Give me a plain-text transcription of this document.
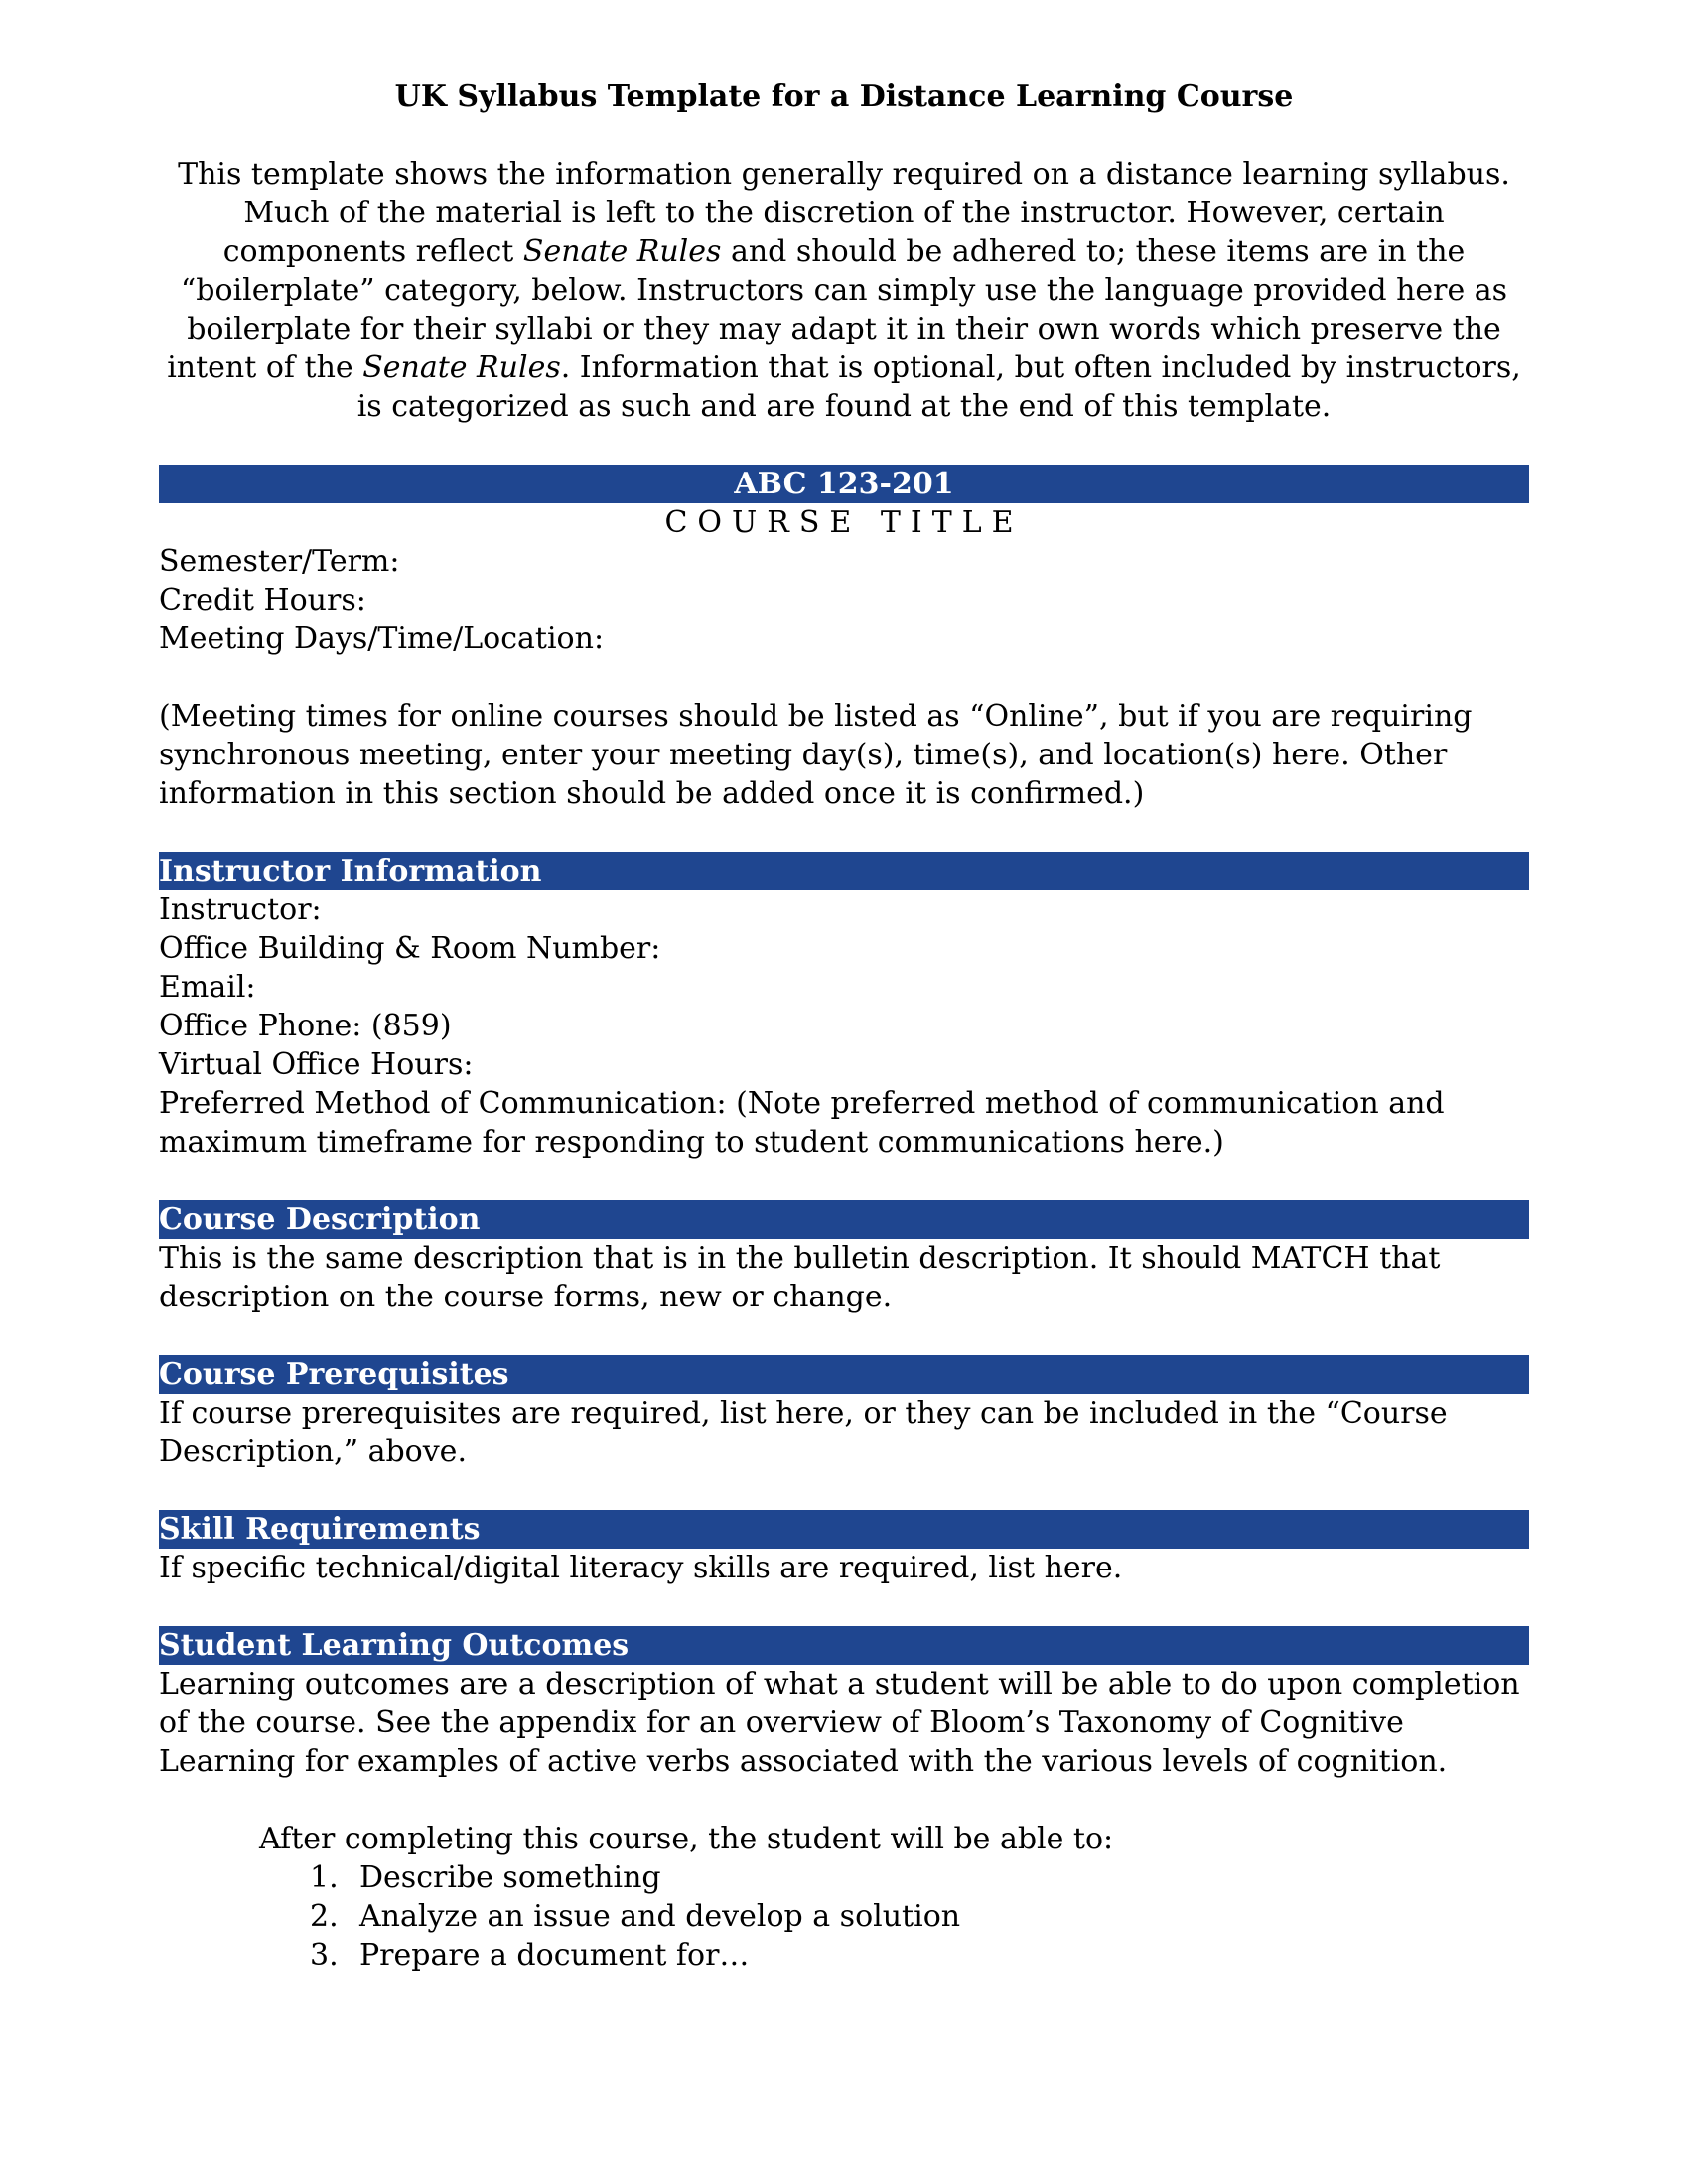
UK Syllabus Template for a Distance Learning Course

This template shows the information generally required on a distance learning syllabus. Much of the material is left to the discretion of the instructor. However, certain components reflect Senate Rules and should be adhered to; these items are in the “boilerplate” category, below. Instructors can simply use the language provided here as boilerplate for their syllabi or they may adapt it in their own words which preserve the intent of the Senate Rules. Information that is optional, but often included by instructors, is categorized as such and are found at the end of this template.

ABC 123-201
COURSE TITLE
Semester/Term:
Credit Hours:
Meeting Days/Time/Location:

(Meeting times for online courses should be listed as “Online”, but if you are requiring synchronous meeting, enter your meeting day(s), time(s), and location(s) here. Other information in this section should be added once it is confirmed.)

Instructor Information
Instructor:
Office Building & Room Number:
Email:
Office Phone: (859)
Virtual Office Hours:

Preferred Method of Communication: (Note preferred method of communication and maximum timeframe for responding to student communications here.)

Course Description

This is the same description that is in the bulletin description. It should MATCH that description on the course forms, new or change.

Course Prerequisites

If course prerequisites are required, list here, or they can be included in the “Course Description,” above.

Skill Requirements

If specific technical/digital literacy skills are required, list here.

Student Learning Outcomes

Learning outcomes are a description of what a student will be able to do upon completion of the course. See the appendix for an overview of Bloom’s Taxonomy of Cognitive Learning for examples of active verbs associated with the various levels of cognition.

After completing this course, the student will be able to:
1. Describe something
2. Analyze an issue and develop a solution
3. Prepare a document for…
